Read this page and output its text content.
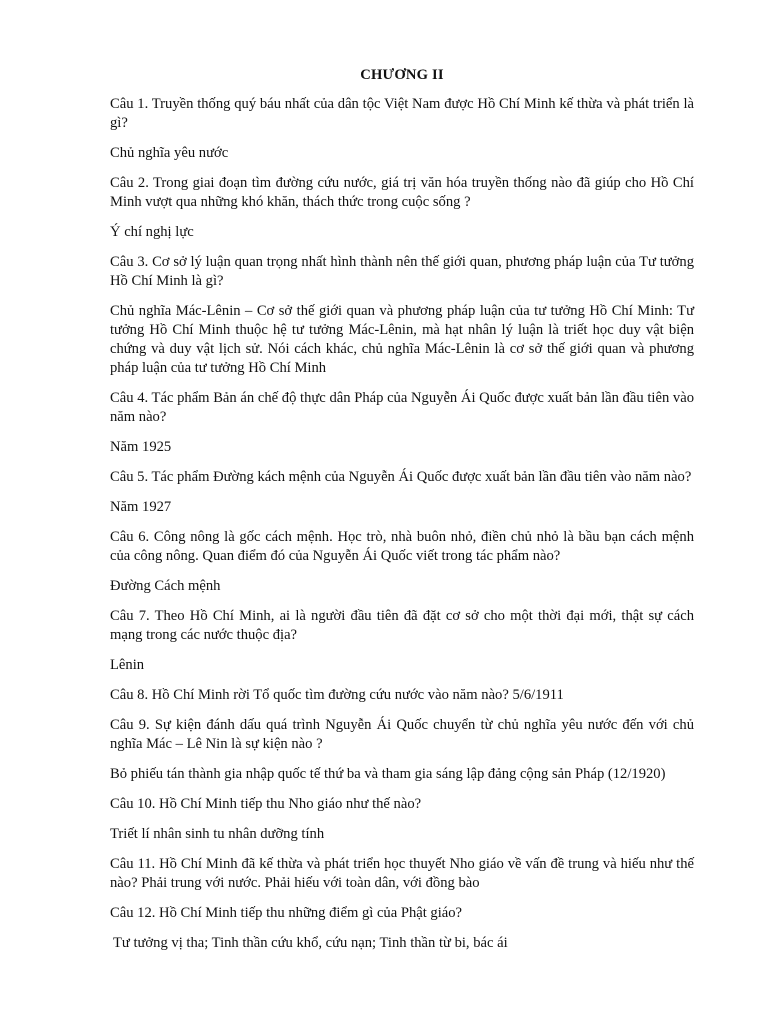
CHƯƠNG II

Câu 1. Truyền thống quý báu nhất của dân tộc Việt Nam được Hồ Chí Minh kế thừa và phát triển là gì?

Chủ nghĩa yêu nước

Câu 2. Trong giai đoạn tìm đường cứu nước, giá trị văn hóa truyền thống nào đã giúp cho Hồ Chí Minh vượt qua những khó khăn, thách thức trong cuộc sống ?

Ý chí nghị lực

Câu 3. Cơ sở lý luận quan trọng nhất hình thành nên thế giới quan, phương pháp luận của Tư tưởng Hồ Chí Minh là gì?

Chủ nghĩa Mác-Lênin – Cơ sở thế giới quan và phương pháp luận của tư tưởng Hồ Chí Minh: Tư tưởng Hồ Chí Minh thuộc hệ tư tưởng Mác-Lênin, mà hạt nhân lý luận là triết học duy vật biện chứng và duy vật lịch sử. Nói cách khác, chủ nghĩa Mác-Lênin là cơ sở thế giới quan và phương pháp luận của tư tưởng Hồ Chí Minh

Câu 4. Tác phẩm Bản án chế độ thực dân Pháp của Nguyễn Ái Quốc được xuất bản lần đầu tiên vào năm nào?

Năm 1925

Câu 5. Tác phẩm Đường kách mệnh của Nguyễn Ái Quốc được xuất bản lần đầu tiên vào năm nào?

Năm 1927

Câu 6. Công nông là gốc cách mệnh. Học trò, nhà buôn nhỏ, điền chủ nhỏ là bầu bạn cách mệnh của công nông. Quan điểm đó của Nguyễn Ái Quốc viết trong tác phẩm nào?

Đường Cách mệnh

Câu 7. Theo Hồ Chí Minh, ai là người đầu tiên đã đặt cơ sở cho một thời đại mới, thật sự cách mạng trong các nước thuộc địa?

Lênin

Câu 8. Hồ Chí Minh rời Tổ quốc tìm đường cứu nước vào năm nào? 5/6/1911

Câu 9. Sự kiện đánh dấu quá trình Nguyễn Ái Quốc chuyển từ chủ nghĩa yêu nước đến với chủ nghĩa Mác – Lê Nin là sự kiện nào ?

Bỏ phiếu tán thành gia nhập quốc tế thứ ba và tham gia sáng lập đảng cộng sản Pháp (12/1920)

Câu 10. Hồ Chí Minh tiếp thu Nho giáo như thế nào?

Triết lí nhân sinh tu nhân dưỡng tính

Câu 11. Hồ Chí Minh đã kế thừa và phát triển học thuyết Nho giáo về vấn đề trung và hiếu như thế nào? Phải trung với nước. Phải hiếu với toàn dân, với đồng bào

Câu 12. Hồ Chí Minh tiếp thu những điểm gì của Phật giáo?

Tư tưởng vị tha; Tinh thần cứu khổ, cứu nạn; Tinh thần từ bi, bác ái
